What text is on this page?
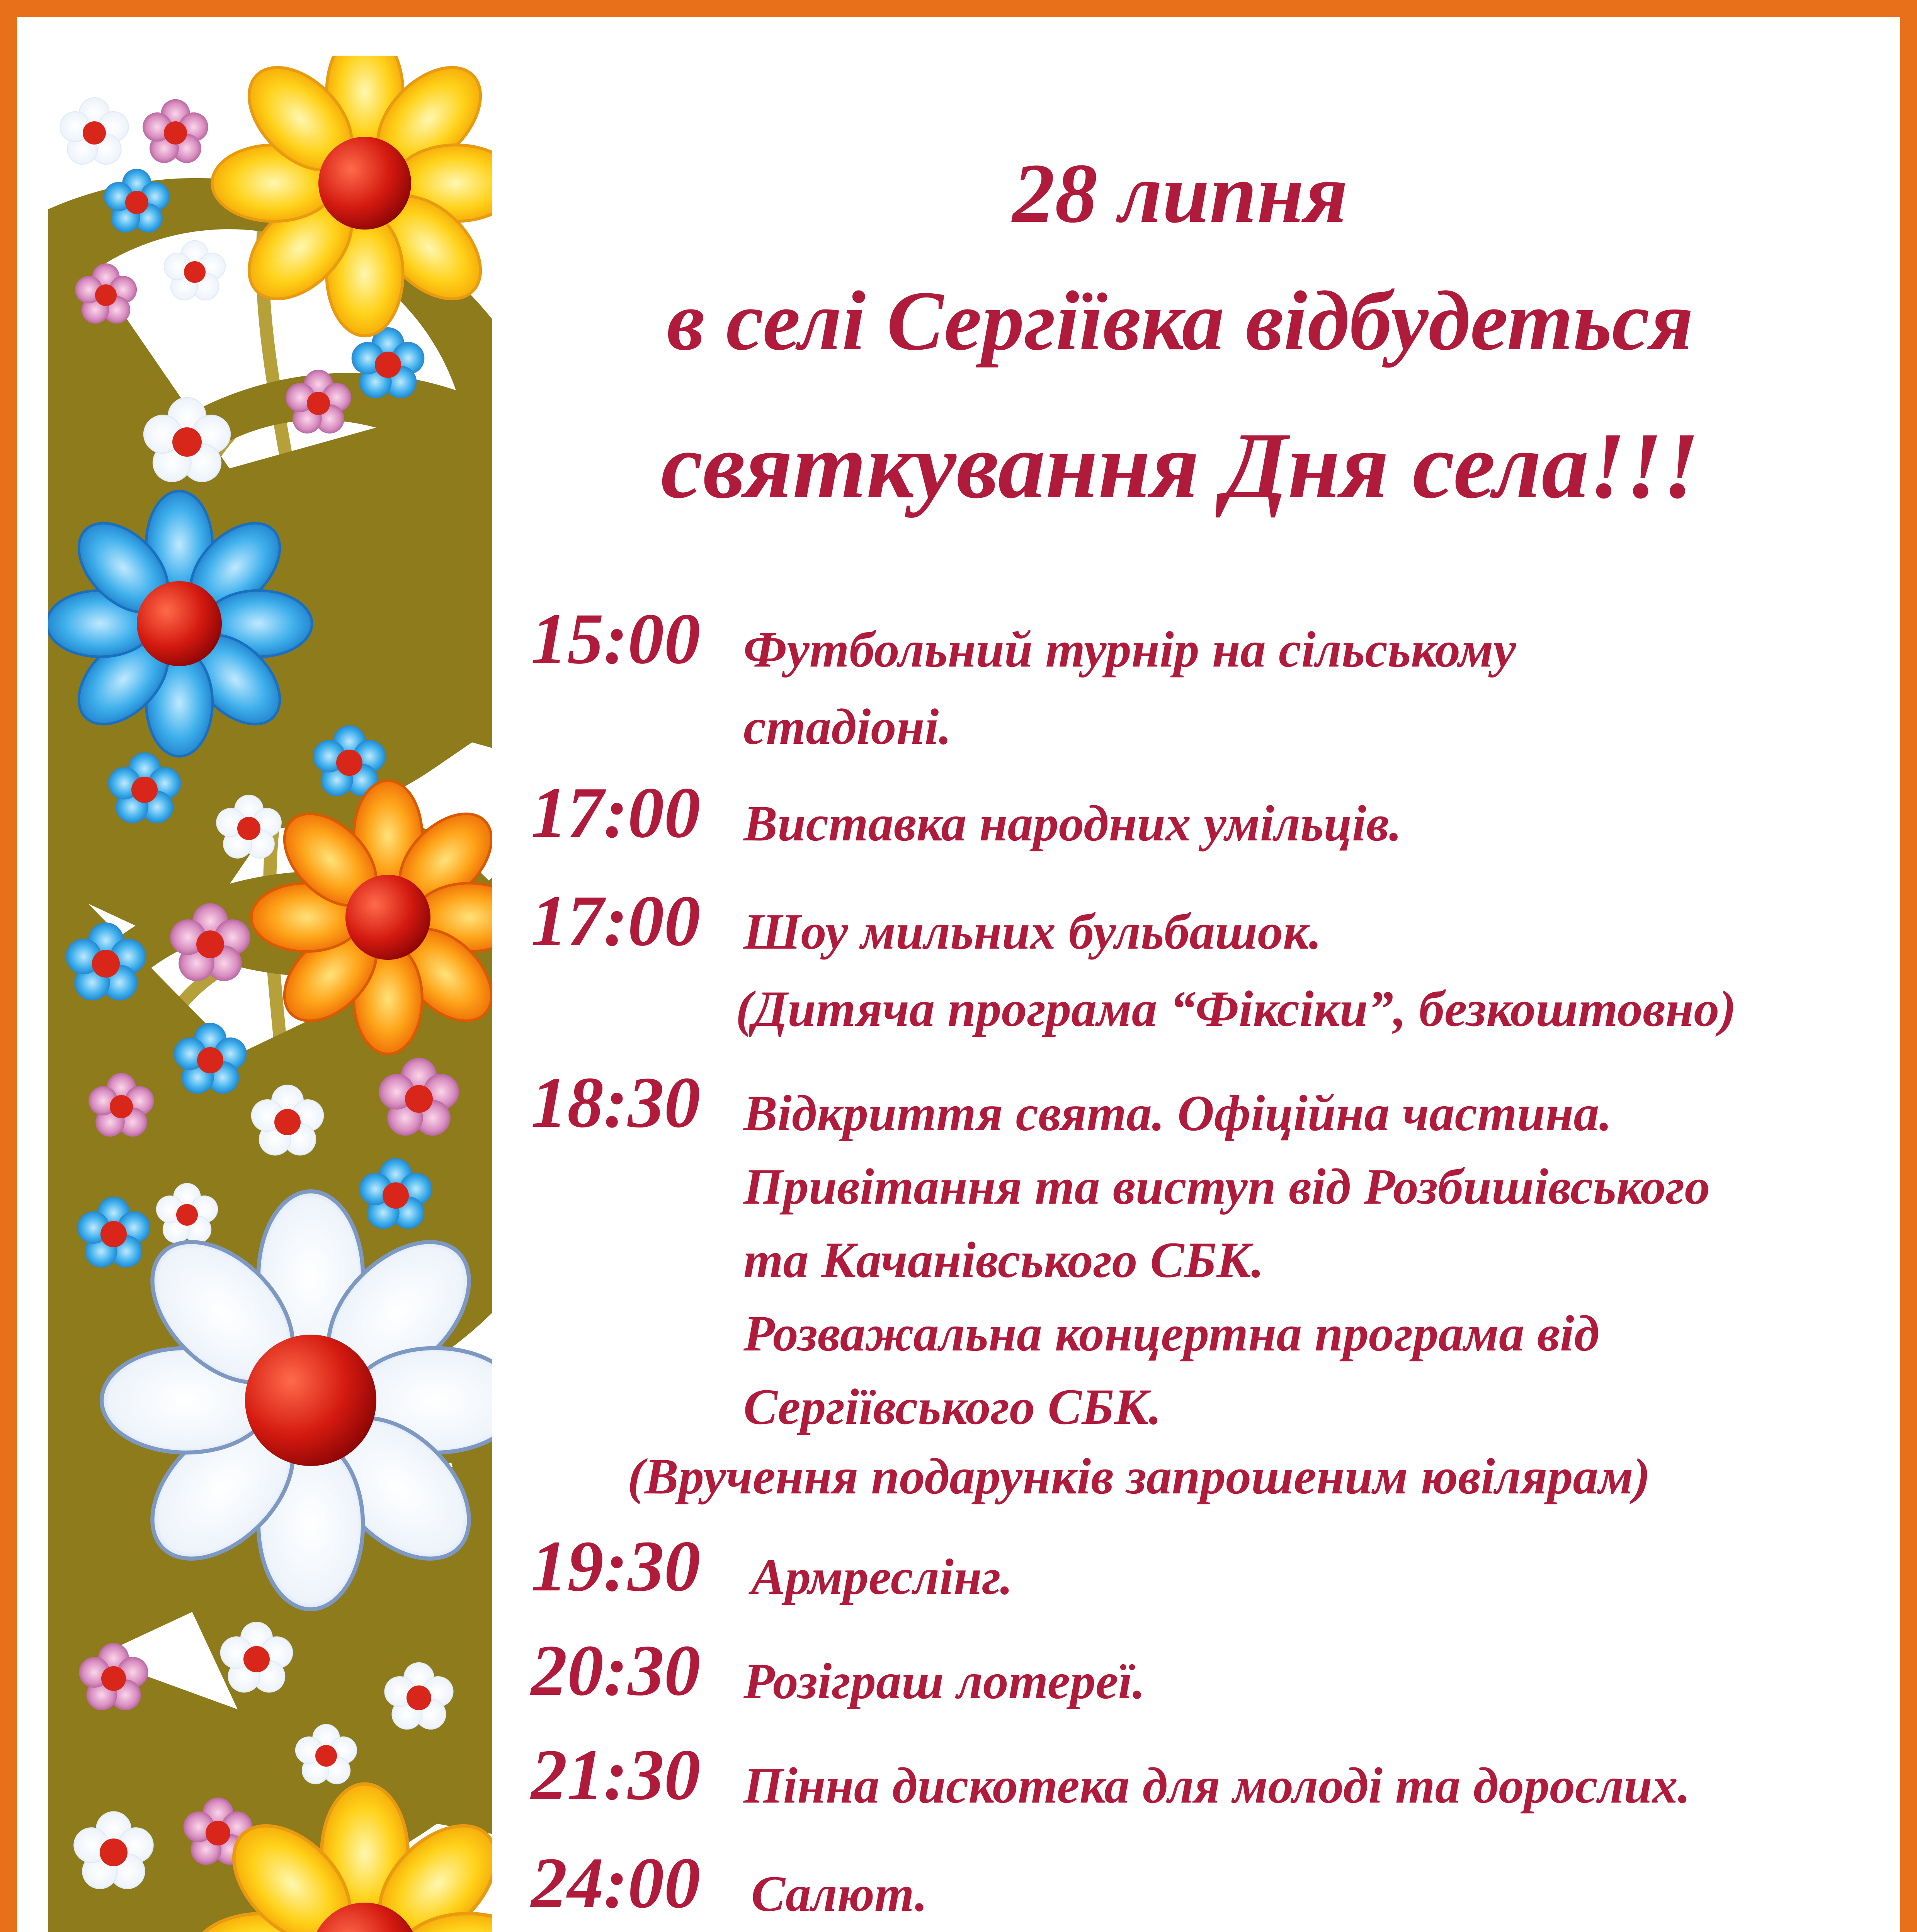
28 липня
в селі Сергіївка відбудеться
святкування Дня села!!!
15:00 Футбольний турнір на сільському
стадіоні.
17:00 Виставка народних умільців.
17:00 Шоу мильних бульбашок.
(Дитяча програма “Фіксіки”, безкоштовно)
18:30 Відкриття свята. Офіційна частина.
Привітання та виступ від Розбишівського
та Качанівського СБК.
Розважальна концертна програма від
Сергіївського СБК.
(Вручення подарунків запрошеним ювілярам)
19:30 Армреслінг.
20:30 Розіграш лотереї.
21:30 Пінна дискотека для молоді та дорослих.
24:00 Салют.
